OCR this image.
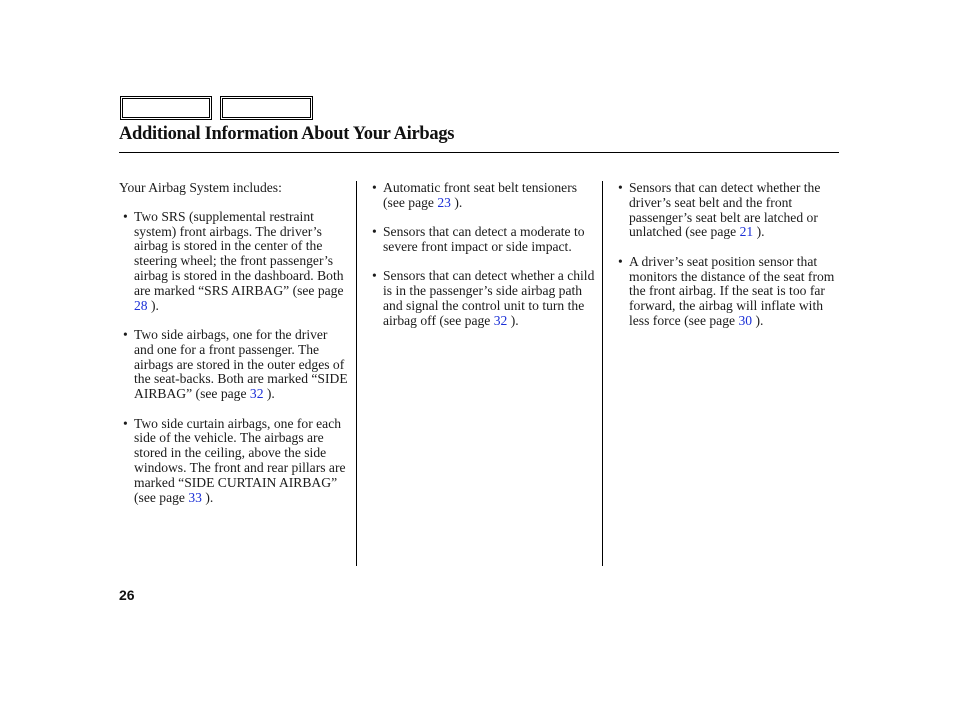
Additional Information About Your Airbags

Your Airbag System includes:

• Two SRS (supplemental restraint system) front airbags. The driver’s airbag is stored in the center of the steering wheel; the front passenger’s airbag is stored in the dashboard. Both are marked “SRS AIRBAG” (see page 28 ).
• Two side airbags, one for the driver and one for a front passenger. The airbags are stored in the outer edges of the seat-backs. Both are marked “SIDE AIRBAG” (see page 32 ).
• Two side curtain airbags, one for each side of the vehicle. The airbags are stored in the ceiling, above the side windows. The front and rear pillars are marked “SIDE CURTAIN AIRBAG” (see page 33 ).
• Automatic front seat belt tensioners (see page 23 ).
• Sensors that can detect a moderate to severe front impact or side impact.
• Sensors that can detect whether a child is in the passenger’s side airbag path and signal the control unit to turn the airbag off (see page 32 ).
• Sensors that can detect whether the driver’s seat belt and the front passenger’s seat belt are latched or unlatched (see page 21 ).
• A driver’s seat position sensor that monitors the distance of the seat from the front airbag. If the seat is too far forward, the airbag will inflate with less force (see page 30 ).
26
